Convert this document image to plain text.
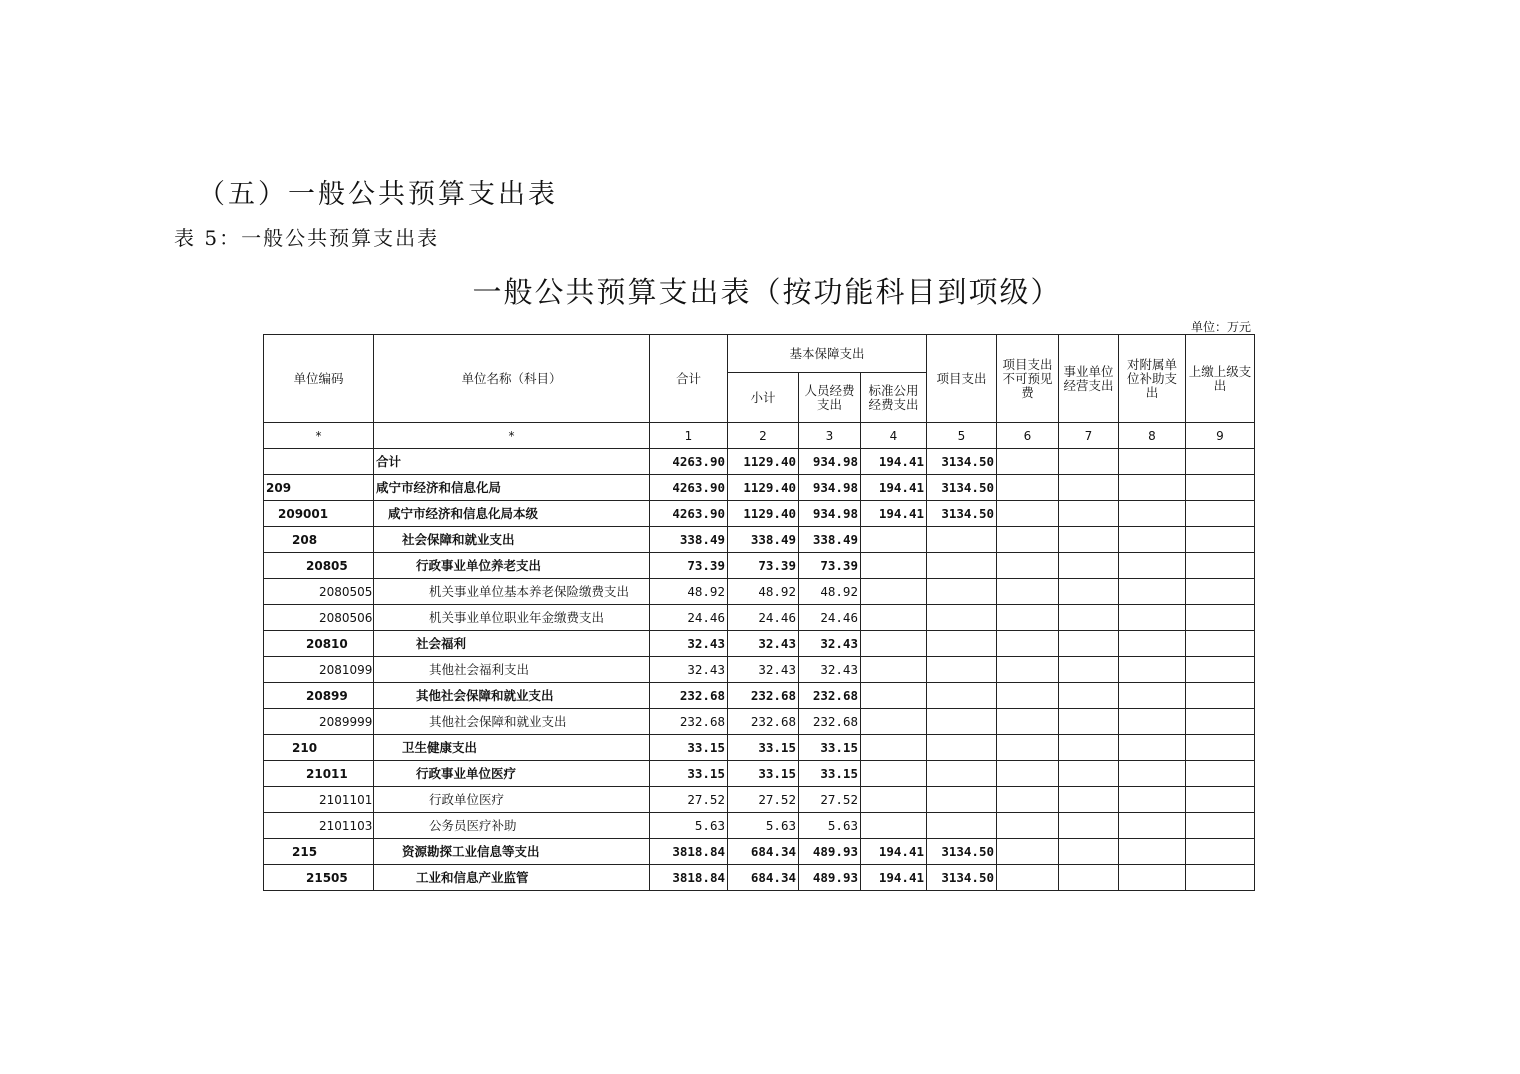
（五）一般公共预算支出表
表 5：一般公共预算支出表
一般公共预算支出表（按功能科目到项级）
单位：万元
单位编码	单位名称（科目）	合计	基本保障支出			项目支出	项目支出不可预见费	事业单位经营支出	对附属单位补助支出	上缴上级支出
			小计	人员经费支出	标准公用经费支出					
*	*	1	2	3	4	5	6	7	8	9
	合计	4263.90	1129.40	934.98	194.41	3134.50				
209	咸宁市经济和信息化局	4263.90	1129.40	934.98	194.41	3134.50				
209001	咸宁市经济和信息化局本级	4263.90	1129.40	934.98	194.41	3134.50				
208	社会保障和就业支出	338.49	338.49	338.49						
20805	行政事业单位养老支出	73.39	73.39	73.39						
2080505	机关事业单位基本养老保险缴费支出	48.92	48.92	48.92						
2080506	机关事业单位职业年金缴费支出	24.46	24.46	24.46						
20810	社会福利	32.43	32.43	32.43						
2081099	其他社会福利支出	32.43	32.43	32.43						
20899	其他社会保障和就业支出	232.68	232.68	232.68						
2089999	其他社会保障和就业支出	232.68	232.68	232.68						
210	卫生健康支出	33.15	33.15	33.15						
21011	行政事业单位医疗	33.15	33.15	33.15						
2101101	行政单位医疗	27.52	27.52	27.52						
2101103	公务员医疗补助	5.63	5.63	5.63						
215	资源勘探工业信息等支出	3818.84	684.34	489.93	194.41	3134.50				
21505	工业和信息产业监管	3818.84	684.34	489.93	194.41	3134.50				
